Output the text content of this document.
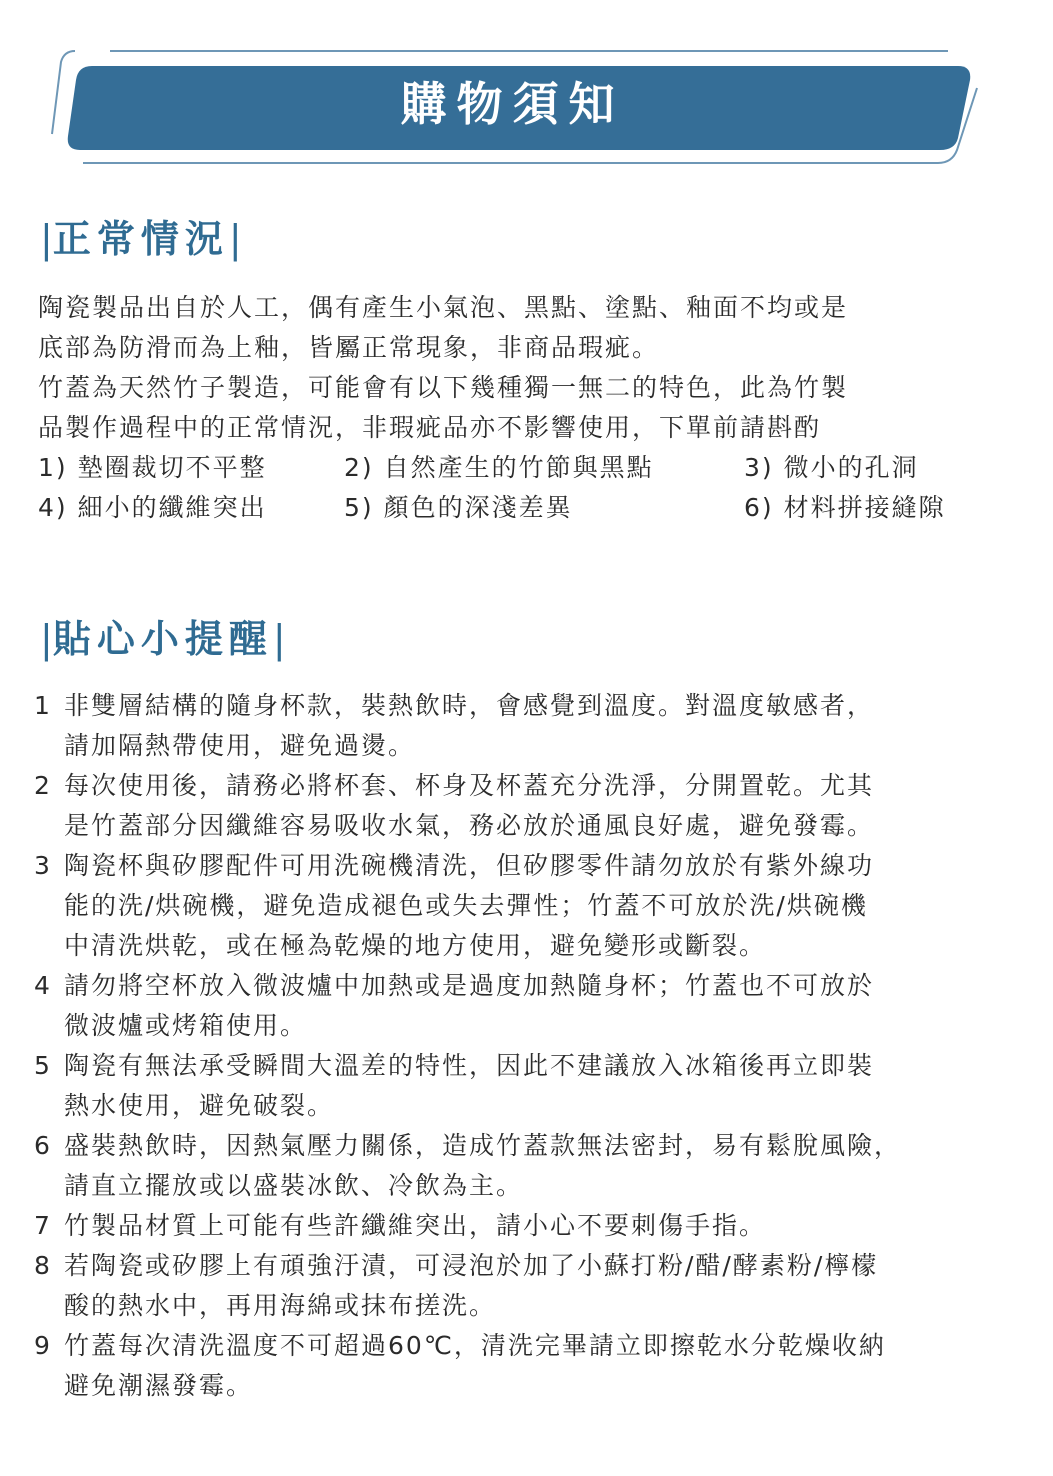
購物須知
|正常情況|

陶瓷製品出自於人工，偶有產生小氣泡、黑點、塗點、釉面不均或是

底部為防滑而為上釉，皆屬正常現象，非商品瑕疵。

竹蓋為天然竹子製造，可能會有以下幾種獨一無二的特色，此為竹製

品製作過程中的正常情況，非瑕疵品亦不影響使用，下單前請斟酌

1) 墊圈裁切不平整	2) 自然產生的竹節與黑點	3) 微小的孔洞
4) 細小的纖維突出	5) 顏色的深淺差異	6) 材料拼接縫隙
|貼心小提醒|
1 非雙層結構的隨身杯款，裝熱飲時，會感覺到溫度。對溫度敏感者，
請加隔熱帶使用，避免過燙。
2 每次使用後，請務必將杯套、杯身及杯蓋充分洗淨，分開置乾。尤其
是竹蓋部分因纖維容易吸收水氣，務必放於通風良好處，避免發霉。
3 陶瓷杯與矽膠配件可用洗碗機清洗，但矽膠零件請勿放於有紫外線功
能的洗/烘碗機，避免造成褪色或失去彈性；竹蓋不可放於洗/烘碗機
中清洗烘乾，或在極為乾燥的地方使用，避免變形或斷裂。
4 請勿將空杯放入微波爐中加熱或是過度加熱隨身杯；竹蓋也不可放於
微波爐或烤箱使用。
5 陶瓷有無法承受瞬間大溫差的特性，因此不建議放入冰箱後再立即裝
熱水使用，避免破裂。
6 盛裝熱飲時，因熱氣壓力關係，造成竹蓋款無法密封，易有鬆脫風險，
請直立擺放或以盛裝冰飲、冷飲為主。
7 竹製品材質上可能有些許纖維突出，請小心不要刺傷手指。
8 若陶瓷或矽膠上有頑強汙漬，可浸泡於加了小蘇打粉/醋/酵素粉/檸檬
酸的熱水中，再用海綿或抹布搓洗。
9 竹蓋每次清洗溫度不可超過60℃，清洗完畢請立即擦乾水分乾燥收納
避免潮濕發霉。
